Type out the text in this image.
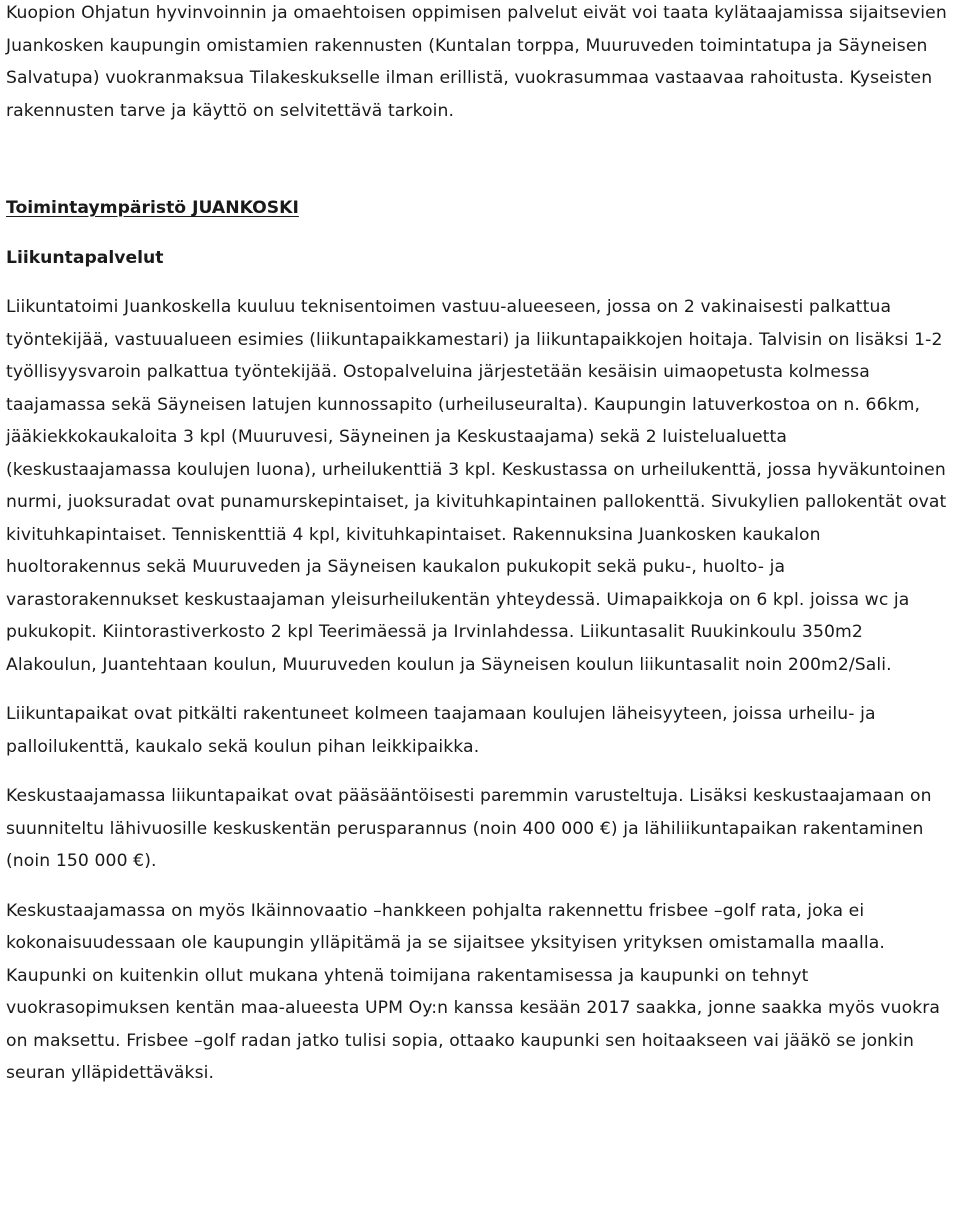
Kuopion Ohjatun hyvinvoinnin ja omaehtoisen oppimisen palvelut eivät voi taata kylätaajamissa sijaitsevien Juankosken kaupungin omistamien rakennusten (Kuntalan torppa, Muuruveden toimintatupa ja Säyneisen Salvatupa) vuokranmaksua Tilakeskukselle ilman erillistä, vuokrasummaa vastaavaa rahoitusta. Kyseisten rakennusten tarve ja käyttö on selvitettävä tarkoin.

Toimintaympäristö JUANKOSKI

Liikuntapalvelut

Liikuntatoimi Juankoskella kuuluu teknisentoimen vastuu-alueeseen, jossa on 2 vakinaisesti palkattua työntekijää, vastuualueen esimies (liikuntapaikkamestari) ja liikuntapaikkojen hoitaja. Talvisin on lisäksi 1-2 työllisyysvaroin palkattua työntekijää. Ostopalveluina järjestetään kesäisin uimaopetusta kolmessa taajamassa sekä Säyneisen latujen kunnossapito (urheiluseuralta). Kaupungin latuverkostoa on n. 66km, jääkiekkokaukaloita 3 kpl (Muuruvesi, Säyneinen ja Keskustaajama) sekä 2 luistelualuetta (keskustaajamassa koulujen luona), urheilukenttiä 3 kpl. Keskustassa on urheilukenttä, jossa hyväkuntoinen nurmi, juoksuradat ovat punamurskepintaiset, ja kivituhkapintainen pallokenttä. Sivukylien pallokentät ovat kivituhkapintaiset. Tenniskenttiä 4 kpl, kivituhkapintaiset. Rakennuksina Juankosken kaukalon huoltorakennus sekä Muuruveden ja Säyneisen kaukalon pukukopit sekä puku-, huolto- ja varastorakennukset keskustaajaman yleisurheilukentän yhteydessä. Uimapaikkoja on 6 kpl. joissa wc ja pukukopit. Kiintorastiverkosto 2 kpl Teerimäessä ja Irvinlahdessa. Liikuntasalit Ruukinkoulu 350m2 Alakoulun, Juantehtaan koulun, Muuruveden koulun ja Säyneisen koulun liikuntasalit noin 200m2/Sali.

Liikuntapaikat ovat pitkälti rakentuneet kolmeen taajamaan koulujen läheisyyteen, joissa urheilu- ja palloilukenttä, kaukalo sekä koulun pihan leikkipaikka.

Keskustaajamassa liikuntapaikat ovat pääsääntöisesti paremmin varusteltuja. Lisäksi keskustaajamaan on suunniteltu lähivuosille keskuskentän perusparannus (noin 400 000 €) ja lähiliikuntapaikan rakentaminen (noin 150 000 €).

Keskustaajamassa on myös Ikäinnovaatio –hankkeen pohjalta rakennettu frisbee –golf rata, joka ei kokonaisuudessaan ole kaupungin ylläpitämä ja se sijaitsee yksityisen yrityksen omistamalla maalla. Kaupunki on kuitenkin ollut mukana yhtenä toimijana rakentamisessa ja kaupunki on tehnyt vuokrasopimuksen kentän maa-alueesta UPM Oy:n kanssa kesään 2017 saakka, jonne saakka myös vuokra on maksettu. Frisbee –golf radan jatko tulisi sopia, ottaako kaupunki sen hoitaakseen vai jääkö se jonkin seuran ylläpidettäväksi.
